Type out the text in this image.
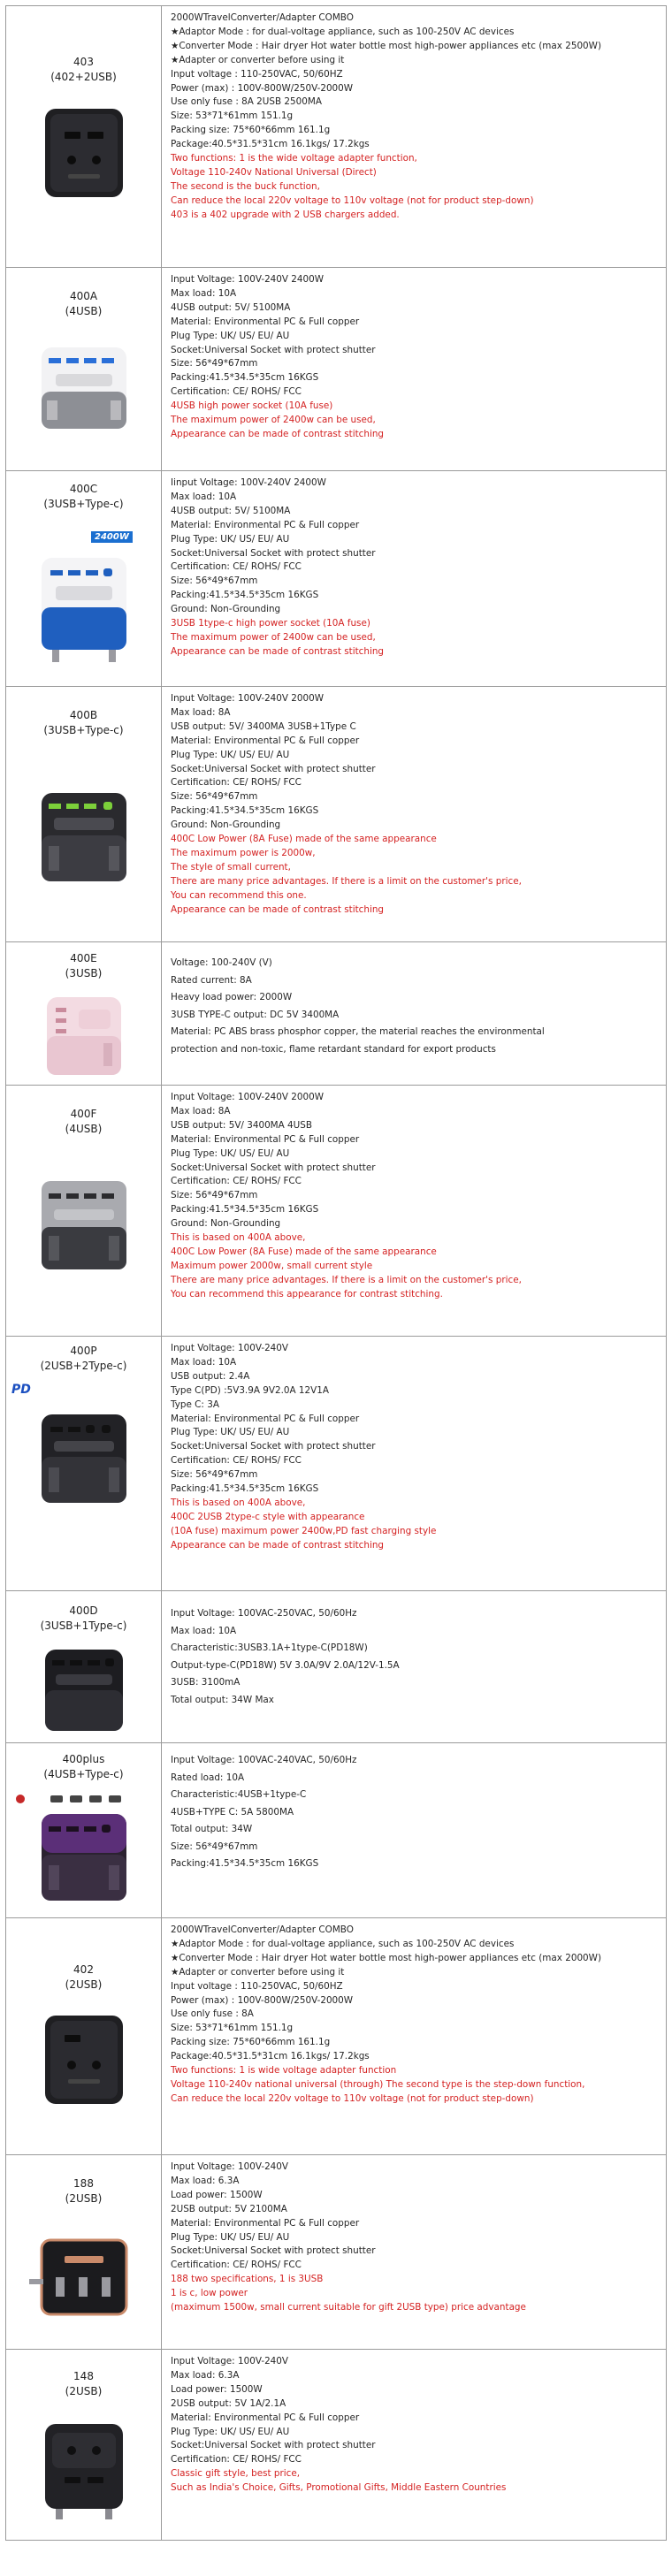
403
(402+2USB)
2000WTravelConverter/Adapter COMBO
★Adaptor Mode : for dual-voltage appliance, such as 100-250V AC devices
★Converter Mode : Hair dryer Hot water bottle most high-power appliances etc (max 2500W)
★Adapter or converter before using it
Input voltage : 110-250VAC, 50/60HZ
Power (max) : 100V-800W/250V-2000W
Use only fuse : 8A 2USB 2500MA
Size: 53*71*61mm 151.1g
Packing size: 75*60*66mm 161.1g
Package:40.5*31.5*31cm 16.1kgs/ 17.2kgs
Two functions: 1 is the wide voltage adapter function,
Voltage 110-240v National Universal (Direct)
The second is the buck function,
Can reduce the local 220v voltage to 110v voltage (not for product step-down)
403 is a 402 upgrade with 2 USB chargers added.
400A
(4USB)
Input Voltage: 100V-240V 2400W
Max load: 10A
4USB output: 5V/ 5100MA
Material: Environmental PC & Full copper
Plug Type: UK/ US/ EU/ AU
Socket:Universal Socket with protect shutter
Size: 56*49*67mm
Packing:41.5*34.5*35cm 16KGS
Certification: CE/ ROHS/ FCC
4USB high power socket (10A fuse)
The maximum power of 2400w can be used,
Appearance can be made of contrast stitching
400C
(3USB+Type-c)
2400W
Iinput Voltage: 100V-240V 2400W
Max load: 10A
4USB output: 5V/ 5100MA
Material: Environmental PC & Full copper
Plug Type: UK/ US/ EU/ AU
Socket:Universal Socket with protect shutter
Certification: CE/ ROHS/ FCC
Size: 56*49*67mm
Packing:41.5*34.5*35cm 16KGS
Ground: Non-Grounding
3USB 1type-c high power socket (10A fuse)
The maximum power of 2400w can be used,
Appearance can be made of contrast stitching
400B
(3USB+Type-c)
Input Voltage: 100V-240V 2000W
Max load: 8A
USB output: 5V/ 3400MA 3USB+1Type C
Material: Environmental PC & Full copper
Plug Type: UK/ US/ EU/ AU
Socket:Universal Socket with protect shutter
Certification: CE/ ROHS/ FCC
Size: 56*49*67mm
Packing:41.5*34.5*35cm 16KGS
Ground: Non-Grounding
400C Low Power (8A Fuse) made of the same appearance
The maximum power is 2000w,
The style of small current,
There are many price advantages. If there is a limit on the customer's price,
You can recommend this one.
Appearance can be made of contrast stitching
400E
(3USB)
Voltage: 100-240V (V)
Rated current: 8A
Heavy load power: 2000W
3USB TYPE-C output: DC 5V 3400MA
Material: PC ABS brass phosphor copper, the material reaches the environmental
protection and non-toxic, flame retardant standard for export products
400F
(4USB)
Input Voltage: 100V-240V 2000W
Max load: 8A
USB output: 5V/ 3400MA 4USB
Material: Environmental PC & Full copper
Plug Type: UK/ US/ EU/ AU
Socket:Universal Socket with protect shutter
Certification: CE/ ROHS/ FCC
Size: 56*49*67mm
Packing:41.5*34.5*35cm 16KGS
Ground: Non-Grounding
This is based on 400A above,
400C Low Power (8A Fuse) made of the same appearance
Maximum power 2000w, small current style
There are many price advantages. If there is a limit on the customer's price,
You can recommend this appearance for contrast stitching.
400P
(2USB+2Type-c)
PD
Input Voltage: 100V-240V
Max load: 10A
USB output: 2.4A
Type C(PD) :5V3.9A 9V2.0A 12V1A
Type C: 3A
Material: Environmental PC & Full copper
Plug Type: UK/ US/ EU/ AU
Socket:Universal Socket with protect shutter
Certification: CE/ ROHS/ FCC
Size: 56*49*67mm
Packing:41.5*34.5*35cm 16KGS
This is based on 400A above,
400C 2USB 2type-c style with appearance
(10A fuse) maximum power 2400w,PD fast charging style
Appearance can be made of contrast stitching
400D
(3USB+1Type-c)
Input Voltage: 100VAC-250VAC, 50/60Hz
Max load: 10A
Characteristic:3USB3.1A+1type-C(PD18W)
Output-type-C(PD18W) 5V 3.0A/9V 2.0A/12V-1.5A
3USB: 3100mA
Total output: 34W Max
400plus
(4USB+Type-c)
Input Voltage: 100VAC-240VAC, 50/60Hz
Rated load: 10A
Characteristic:4USB+1type-C
4USB+TYPE C: 5A 5800MA
Total output: 34W
Size: 56*49*67mm
Packing:41.5*34.5*35cm 16KGS
402
(2USB)
2000WTravelConverter/Adapter COMBO
★Adaptor Mode : for dual-voltage appliance, such as 100-250V AC devices
★Converter Mode : Hair dryer Hot water bottle most high-power appliances etc (max 2000W)
★Adapter or converter before using it
Input voltage : 110-250VAC, 50/60HZ
Power (max) : 100V-800W/250V-2000W
Use only fuse : 8A
Size: 53*71*61mm 151.1g
Packing size: 75*60*66mm 161.1g
Package:40.5*31.5*31cm 16.1kgs/ 17.2kgs
Two functions: 1 is wide voltage adapter function
Voltage 110-240v national universal (through) The second type is the step-down function,
Can reduce the local 220v voltage to 110v voltage (not for product step-down)
188
(2USB)
Input Voltage: 100V-240V
Max load: 6.3A
Load power: 1500W
2USB output: 5V 2100MA
Material: Environmental PC & Full copper
Plug Type: UK/ US/ EU/ AU
Socket:Universal Socket with protect shutter
Certification: CE/ ROHS/ FCC
188 two specifications, 1 is 3USB
1 is c, low power
(maximum 1500w, small current suitable for gift 2USB type) price advantage
148
(2USB)
Input Voltage: 100V-240V
Max load: 6.3A
Load power: 1500W
2USB output: 5V 1A/2.1A
Material: Environmental PC & Full copper
Plug Type: UK/ US/ EU/ AU
Socket:Universal Socket with protect shutter
Certification: CE/ ROHS/ FCC
Classic gift style, best price,
Such as India's Choice, Gifts, Promotional Gifts, Middle Eastern Countries
